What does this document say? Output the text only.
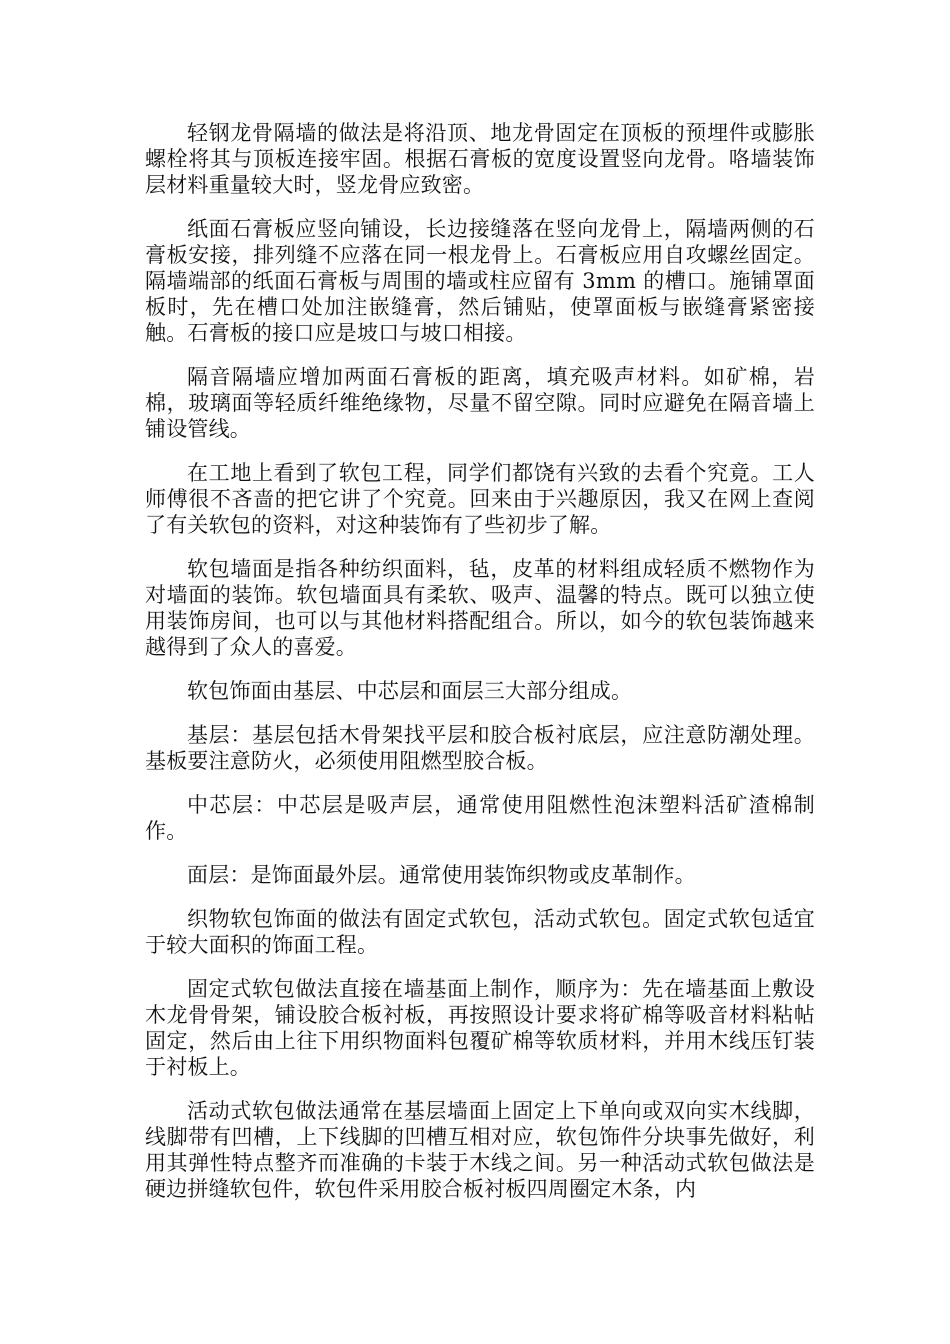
轻钢龙骨隔墙的做法是将沿顶、地龙骨固定在顶板的预埋件或膨胀螺栓将其与顶板连接牢固。根据石膏板的宽度设置竖向龙骨。咯墙装饰层材料重量较大时，竖龙骨应致密。

纸面石膏板应竖向铺设，长边接缝落在竖向龙骨上，隔墙两侧的石膏板安接，排列缝不应落在同一根龙骨上。石膏板应用自攻螺丝固定。隔墙端部的纸面石膏板与周围的墙或柱应留有 3mm 的槽口。施铺罩面板时，先在槽口处加注嵌缝膏，然后铺贴，使罩面板与嵌缝膏紧密接触。石膏板的接口应是坡口与坡口相接。

隔音隔墙应增加两面石膏板的距离，填充吸声材料。如矿棉，岩棉，玻璃面等轻质纤维绝缘物，尽量不留空隙。同时应避免在隔音墙上铺设管线。

在工地上看到了软包工程，同学们都饶有兴致的去看个究竟。工人师傅很不吝啬的把它讲了个究竟。回来由于兴趣原因，我又在网上查阅了有关软包的资料，对这种装饰有了些初步了解。

软包墙面是指各种纺织面料，毡，皮革的材料组成轻质不燃物作为对墙面的装饰。软包墙面具有柔软、吸声、温馨的特点。既可以独立使用装饰房间，也可以与其他材料搭配组合。所以，如今的软包装饰越来越得到了众人的喜爱。

软包饰面由基层、中芯层和面层三大部分组成。

基层：基层包括木骨架找平层和胶合板衬底层，应注意防潮处理。基板要注意防火，必须使用阻燃型胶合板。

中芯层：中芯层是吸声层，通常使用阻燃性泡沫塑料活矿渣棉制作。

面层：是饰面最外层。通常使用装饰织物或皮革制作。

织物软包饰面的做法有固定式软包，活动式软包。固定式软包适宜于较大面积的饰面工程。

固定式软包做法直接在墙基面上制作，顺序为：先在墙基面上敷设木龙骨骨架，铺设胶合板衬板，再按照设计要求将矿棉等吸音材料粘帖固定，然后由上往下用织物面料包覆矿棉等软质材料，并用木线压钉装于衬板上。

活动式软包做法通常在基层墙面上固定上下单向或双向实木线脚，线脚带有凹槽，上下线脚的凹槽互相对应，软包饰件分块事先做好，利用其弹性特点整齐而准确的卡装于木线之间。另一种活动式软包做法是硬边拼缝软包件，软包件采用胶合板衬板四周圈定木条，内
